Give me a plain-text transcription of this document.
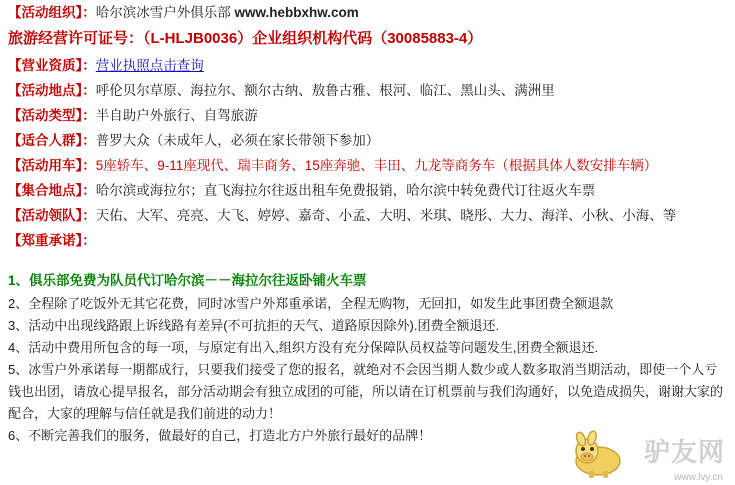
【活动组织】：哈尔滨冰雪户外俱乐部 www.hebbxhw.com
旅游经营许可证号：（L-HLJB0036）企业组织机构代码（30085883-4）
【营业资质】：营业执照点击查询
【活动地点】：呼伦贝尔草原、海拉尔、额尔古纳、敖鲁古雅、根河、临江、黑山头、满洲里
【活动类型】：半自助户外旅行、自驾旅游
【适合人群】：普罗大众（未成年人，必须在家长带领下参加）
【活动用车】：5座轿车、9-11座现代、瑞丰商务、15座奔驰、丰田、九龙等商务车（根据具体人数安排车辆）
【集合地点】：哈尔滨或海拉尔；直飞海拉尔往返出租车免费报销，哈尔滨中转免费代订往返火车票
【活动领队】：天佑、大军、亮亮、大飞、婷婷、嘉奇、小孟、大明、米琪、晓彤、大力、海洋、小秋、小海、等
【郑重承诺】：
1、俱乐部免费为队员代订哈尔滨－－海拉尔往返卧铺火车票
2、全程除了吃饭外无其它花费，同时冰雪户外郑重承诺，全程无购物，无回扣，如发生此事团费全额退款
3、活动中出现线路跟上诉线路有差异(不可抗拒的天气、道路原因除外).团费全额退还.
4、活动中费用所包含的每一项，与原定有出入,组织方没有充分保障队员权益等问题发生,团费全额退还.
5、冰雪户外承诺每一期都成行，只要我们接受了您的报名，就绝对不会因当期人数少或人数多取消当期活动，即使一个人亏钱也出团，请放心提早报名，部分活动期会有独立成团的可能，所以请在订机票前与我们沟通好，以免造成损失，谢谢大家的配合，大家的理解与信任就是我们前进的动力！
6、不断完善我们的服务，做最好的自己，打造北方户外旅行最好的品牌！
驴友网
www.lvy.cn
